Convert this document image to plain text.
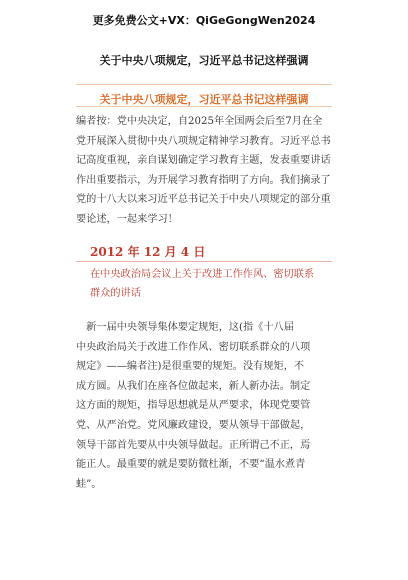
更多免费公文+VX：QiGeGongWen2024
关于中央八项规定，习近平总书记这样强调
关于中央八项规定，习近平总书记这样强调
编者按：党中央决定，自2025年全国两会后至7月在全
党开展深入贯彻中央八项规定精神学习教育。习近平总书
记高度重视，亲自谋划确定学习教育主题，发表重要讲话
作出重要指示，为开展学习教育指明了方向。我们摘录了
党的十八大以来习近平总书记关于中央八项规定的部分重
要论述，一起来学习！
2012 年 12 月 4 日
在中央政治局会议上关于改进工作作风、密切联系
群众的讲话
　新一届中央领导集体要定规矩，这(指《十八届
中央政治局关于改进工作作风、密切联系群众的八项
规定》——编者注)是很重要的规矩。没有规矩，不
成方圆。从我们在座各位做起来，新人新办法。制定
这方面的规矩，指导思想就是从严要求，体现党要管
党、从严治党。党风廉政建设，要从领导干部做起，
领导干部首先要从中央领导做起。正所谓己不正，焉
能正人。最重要的就是要防微杜渐，不要“温水煮青
蛙”。
